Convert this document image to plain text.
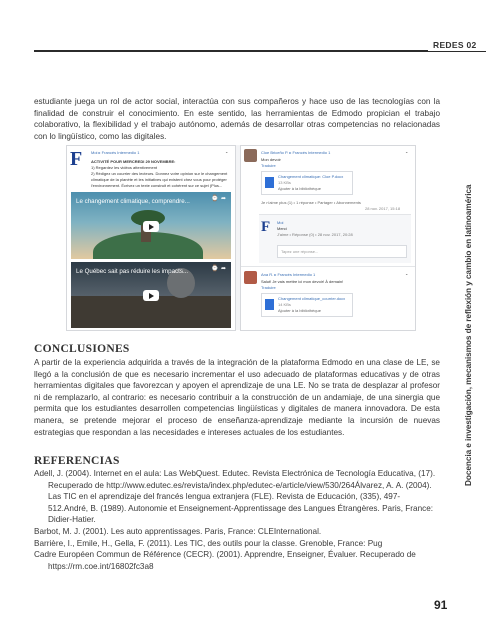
REDES 02
Docencia e investigación, mecanismos de reflexión y cambio en latinoamérica

estudiante juega un rol de actor social, interactúa con sus compañeros y hace uso de las tecnologías con la finalidad de construir el conocimiento. En este sentido, las herramientas de Edmodo propician el trabajo colaborativo, la flexibilidad y el trabajo autónomo, además de desarrollar otras competencias no relacionadas con lo lingüístico, como las digitales.

F Moi ▸ Francés Intermedio 1	⌄
ACTIVITÉ POUR MERCREDI 29 NOVEMBRE:
1) Regardez les vidéos attentivement
2) Rédigez un courrier des lecteurs. Donnez votre opinion sur le changement
climatique de la planète et les initiatives qui existent chez vous pour protéger
l'environnement. Écrivez un texte construit et cohérent sur ce sujet (Plus...
Le changement climatique, comprendre...	⌚ ➦
Le Québec sait pas réduire les impacts...	⌚ ➦
Cloe Briceño P. ▸ Francés Intermedio 1	⌄
Mon devoir
Traduire
Changement climatique: Cloe P.docx
13 KBs
Ajouter à la bibliothèque
Je n'aime plus (1) • 1 réponse • Partager • Abonnements
28 nov. 2017, 15:18
F Moi
Merci
J'aime • Réponse (0) • 28 nov. 2017, 20:28
Tapez une réponse...
Ana R. ▸ Francés Intermedio 1	⌄
Salut! Je vais mettre ici mon devoir! À demain!
Traduire
Changement climatique_courrier.docx
14 KBs
Ajouter à la bibliothèque
CONCLUSIONES

A partir de la experiencia adquirida a través de la integración de la plataforma Edmodo en una clase de LE, se llegó a la conclusión de que es necesario incrementar el uso adecuado de plataformas educativas y de otras herramientas digitales que favorezcan y apoyen el aprendizaje de una LE. No se trata de desplazar al profesor ni de remplazarlo, al contrario: es necesario contribuir a la construcción de un andamiaje, de una sinergia que permita que los estudiantes desarrollen competencias lingüísticas y digitales de manera innovadora. De esta manera, se pretende mejorar el proceso de enseñanza-aprendizaje mediante la incursión de nuevas estrategias que respondan a las necesidades e intereses actuales de los estudiantes.

REFERENCIAS

Adell, J. (2004). Internet en el aula: Las WebQuest. Edutec. Revista Electrónica de Tecnología Educativa, (17). Recuperado de http://www.edutec.es/revista/index.php/edutec-e/article/view/530/264Álvarez, A. A. (2004). Las TIC en el aprendizaje del francés lengua extranjera (FLE). Revista de Educación, (335), 497-512.André, B. (1989). Autonomie et Enseignement-Apprentissage des Langues Étrangères. Paris, France: Didier-Hatier.

Barbot, M. J. (2001). Les auto apprentissages. Paris, France: CLEInternational.

Barrière, I., Emile, H., Gella, F. (2011). Les TIC, des outils pour la classe. Grenoble, France: Pug

Cadre Européen Commun de Référence (CECR). (2001). Apprendre, Enseigner, Évaluer. Recuperado de https://rm.coe.int/16802fc3a8

91
